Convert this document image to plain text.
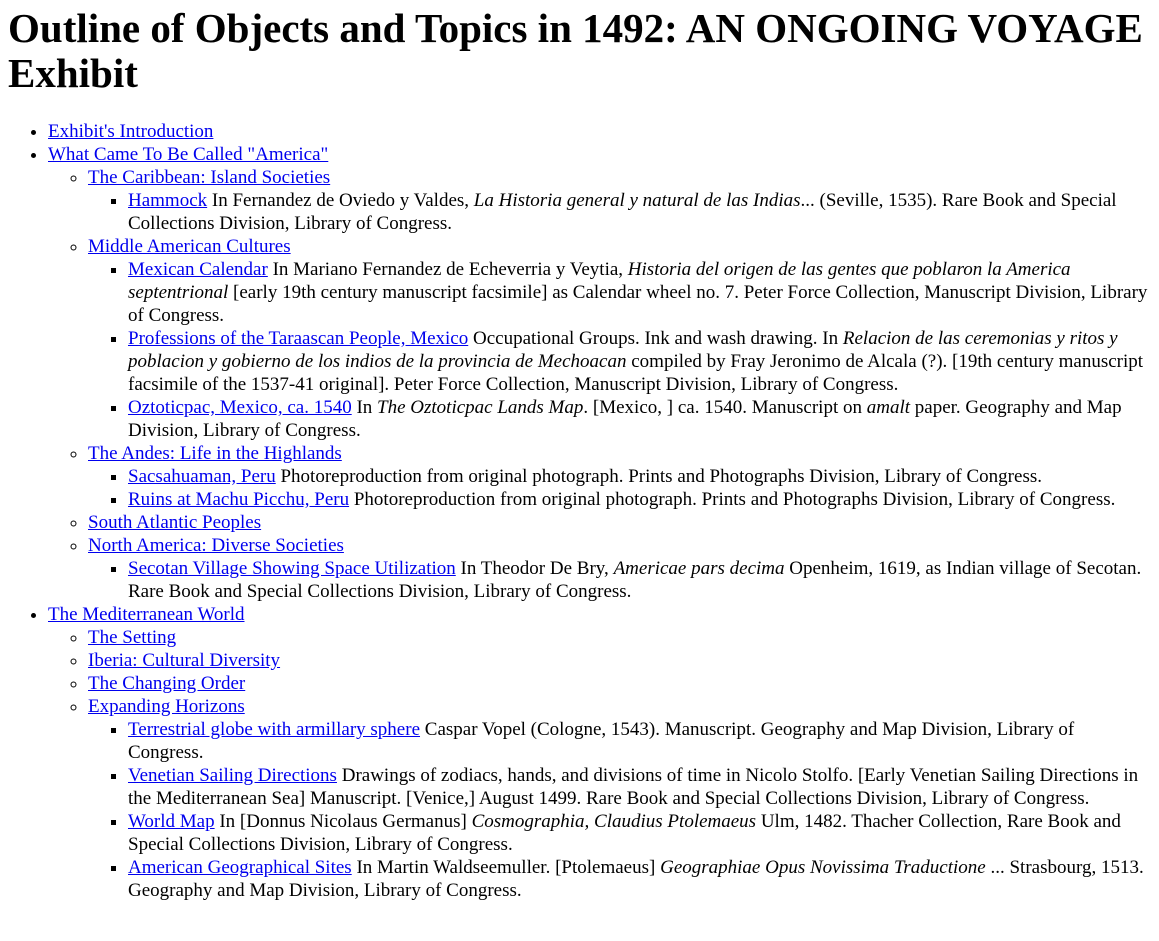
Outline of Objects and Topics in 1492: AN ONGOING VOYAGE Exhibit
• Exhibit's Introduction
• What Came To Be Called "America"
◦ The Caribbean: Island Societies
▪ Hammock In Fernandez de Oviedo y Valdes, La Historia general y natural de las Indias... (Seville, 1535). Rare Book and Special Collections Division, Library of Congress.
◦ Middle American Cultures
▪ Mexican Calendar In Mariano Fernandez de Echeverria y Veytia, Historia del origen de las gentes que poblaron la America septentrional [early 19th century manuscript facsimile] as Calendar wheel no. 7. Peter Force Collection, Manuscript Division, Library of Congress.
▪ Professions of the Taraascan People, Mexico Occupational Groups. Ink and wash drawing. In Relacion de las ceremonias y ritos y poblacion y gobierno de los indios de la provincia de Mechoacan compiled by Fray Jeronimo de Alcala (?). [19th century manuscript facsimile of the 1537-41 original]. Peter Force Collection, Manuscript Division, Library of Congress.
▪ Oztoticpac, Mexico, ca. 1540 In The Oztoticpac Lands Map. [Mexico, ] ca. 1540. Manuscript on amalt paper. Geography and Map Division, Library of Congress.
◦ The Andes: Life in the Highlands
▪ Sacsahuaman, Peru Photoreproduction from original photograph. Prints and Photographs Division, Library of Congress.
▪ Ruins at Machu Picchu, Peru Photoreproduction from original photograph. Prints and Photographs Division, Library of Congress.
◦ South Atlantic Peoples
◦ North America: Diverse Societies
▪ Secotan Village Showing Space Utilization In Theodor De Bry, Americae pars decima Openheim, 1619, as Indian village of Secotan. Rare Book and Special Collections Division, Library of Congress.
• The Mediterranean World
◦ The Setting
◦ Iberia: Cultural Diversity
◦ The Changing Order
◦ Expanding Horizons
▪ Terrestrial globe with armillary sphere Caspar Vopel (Cologne, 1543). Manuscript. Geography and Map Division, Library of Congress.
▪ Venetian Sailing Directions Drawings of zodiacs, hands, and divisions of time in Nicolo Stolfo. [Early Venetian Sailing Directions in the Mediterranean Sea] Manuscript. [Venice,] August 1499. Rare Book and Special Collections Division, Library of Congress.
▪ World Map In [Donnus Nicolaus Germanus] Cosmographia, Claudius Ptolemaeus Ulm, 1482. Thacher Collection, Rare Book and Special Collections Division, Library of Congress.
▪ American Geographical Sites In Martin Waldseemuller. [Ptolemaeus] Geographiae Opus Novissima Traductione ... Strasbourg, 1513. Geography and Map Division, Library of Congress.
